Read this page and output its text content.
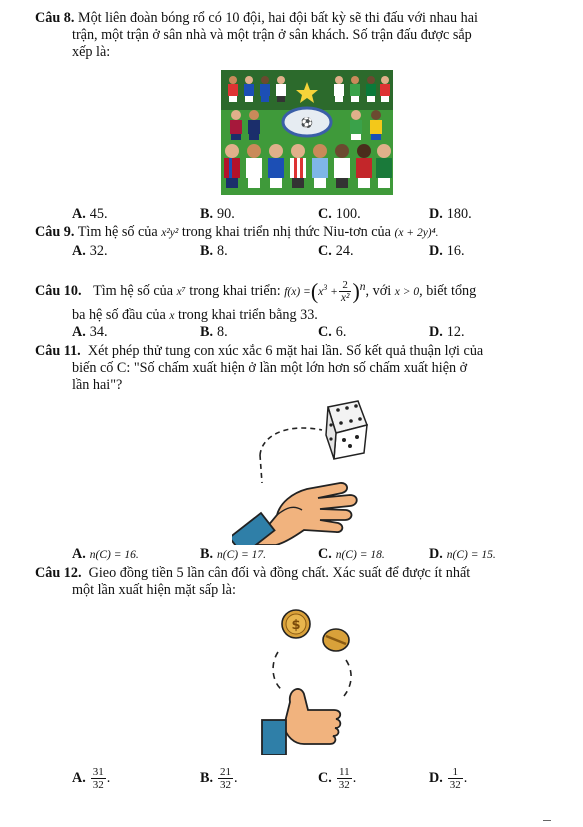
Câu 8. Một liên đoàn bóng rổ có 10 đội, hai đội bất kỳ sẽ thi đấu với nhau hai
trận, một trận ở sân nhà và một trận ở sân khách. Số trận đấu được sắp
xếp là:
⚽
A. 45.	B. 90.	C. 100.	D. 180.
Câu 9. Tìm hệ số của x²y² trong khai triển nhị thức Niu-tơn của (x + 2y)⁴.
A. 32.	B. 8.	C. 24.	D. 16.
Câu 10. Tìm hệ số của x⁷ trong khai triển: $f(x) =(x^3 + \frac{2}{\text{x²}} )^n$, với x > 0, biết tổng
ba hệ số đầu của x trong khai triển bằng 33.
A. 34.	B. 8.	C. 6.	D. 12.
Câu 11. Xét phép thử tung con xúc xắc 6 mặt hai lần. Số kết quả thuận lợi của
biến cố C: "Số chấm xuất hiện ở lần một lớn hơn số chấm xuất hiện ở
lần hai"?
A. n(C) = 16.	B. n(C) = 17.	C. n(C) = 18.	D. n(C) = 15.
Câu 12. Gieo đồng tiền 5 lần cân đối và đồng chất. Xác suất để được ít nhất
một lần xuất hiện mặt sấp là:
$
A. $\frac{31}{32}$ .	B. $\frac{21}{32}$ .	C. $\frac{11}{32}$ .	D. $\frac{1}{32}$ .
